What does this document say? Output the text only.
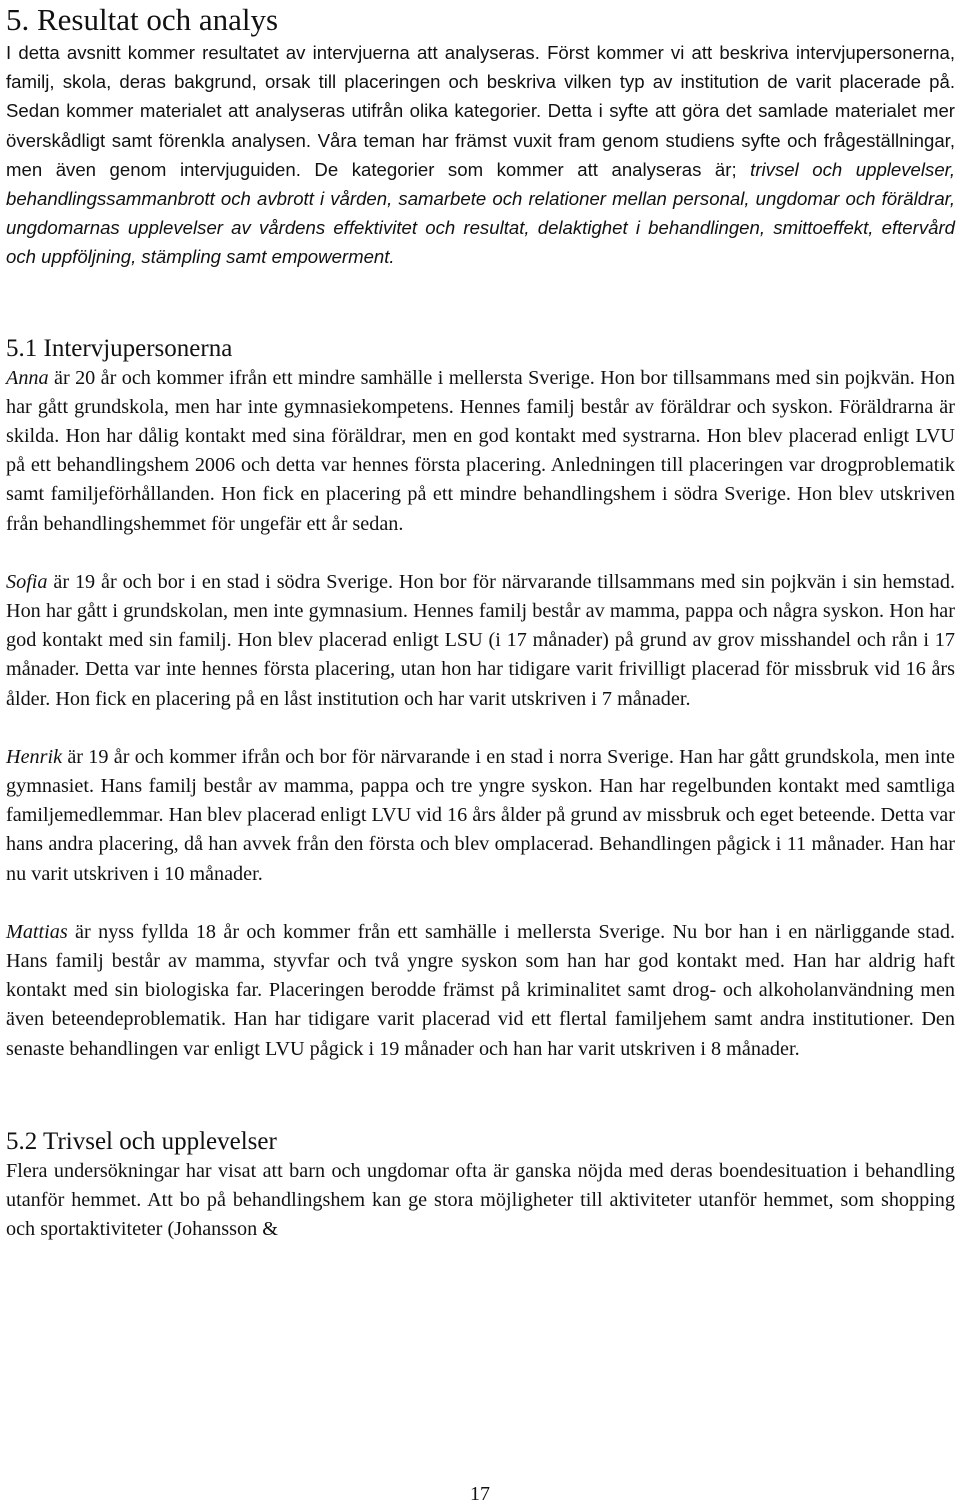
5. Resultat och analys

I detta avsnitt kommer resultatet av intervjuerna att analyseras. Först kommer vi att beskriva intervjupersonerna, familj, skola, deras bakgrund, orsak till placeringen och beskriva vilken typ av institution de varit placerade på. Sedan kommer materialet att analyseras utifrån olika kategorier. Detta i syfte att göra det samlade materialet mer överskådligt samt förenkla analysen. Våra teman har främst vuxit fram genom studiens syfte och frågeställningar, men även genom intervjuguiden. De kategorier som kommer att analyseras är; trivsel och upplevelser, behandlingssammanbrott och avbrott i vården, samarbete och relationer mellan personal, ungdomar och föräldrar, ungdomarnas upplevelser av vårdens effektivitet och resultat, delaktighet i behandlingen, smittoeffekt, eftervård och uppföljning, stämpling samt empowerment.

5.1 Intervjupersonerna

Anna är 20 år och kommer ifrån ett mindre samhälle i mellersta Sverige. Hon bor tillsammans med sin pojkvän. Hon har gått grundskola, men har inte gymnasiekompetens. Hennes familj består av föräldrar och syskon. Föräldrarna är skilda. Hon har dålig kontakt med sina föräldrar, men en god kontakt med systrarna. Hon blev placerad enligt LVU på ett behandlingshem 2006 och detta var hennes första placering. Anledningen till placeringen var drogproblematik samt familjeförhållanden. Hon fick en placering på ett mindre behandlingshem i södra Sverige. Hon blev utskriven från behandlingshemmet för ungefär ett år sedan.

Sofia är 19 år och bor i en stad i södra Sverige. Hon bor för närvarande tillsammans med sin pojkvän i sin hemstad. Hon har gått i grundskolan, men inte gymnasium. Hennes familj består av mamma, pappa och några syskon. Hon har god kontakt med sin familj. Hon blev placerad enligt LSU (i 17 månader) på grund av grov misshandel och rån i 17 månader. Detta var inte hennes första placering, utan hon har tidigare varit frivilligt placerad för missbruk vid 16 års ålder. Hon fick en placering på en låst institution och har varit utskriven i 7 månader.

Henrik är 19 år och kommer ifrån och bor för närvarande i en stad i norra Sverige. Han har gått grundskola, men inte gymnasiet. Hans familj består av mamma, pappa och tre yngre syskon. Han har regelbunden kontakt med samtliga familjemedlemmar. Han blev placerad enligt LVU vid 16 års ålder på grund av missbruk och eget beteende. Detta var hans andra placering, då han avvek från den första och blev omplacerad. Behandlingen pågick i 11 månader. Han har nu varit utskriven i 10 månader.

Mattias är nyss fyllda 18 år och kommer från ett samhälle i mellersta Sverige. Nu bor han i en närliggande stad. Hans familj består av mamma, styvfar och två yngre syskon som han har god kontakt med. Han har aldrig haft kontakt med sin biologiska far. Placeringen berodde främst på kriminalitet samt drog- och alkoholanvändning men även beteendeproblematik. Han har tidigare varit placerad vid ett flertal familjehem samt andra institutioner. Den senaste behandlingen var enligt LVU pågick i 19 månader och han har varit utskriven i 8 månader.

5.2 Trivsel och upplevelser

Flera undersökningar har visat att barn och ungdomar ofta är ganska nöjda med deras boendesituation i behandling utanför hemmet. Att bo på behandlingshem kan ge stora möjligheter till aktiviteter utanför hemmet, som shopping och sportaktiviteter (Johansson &

17
